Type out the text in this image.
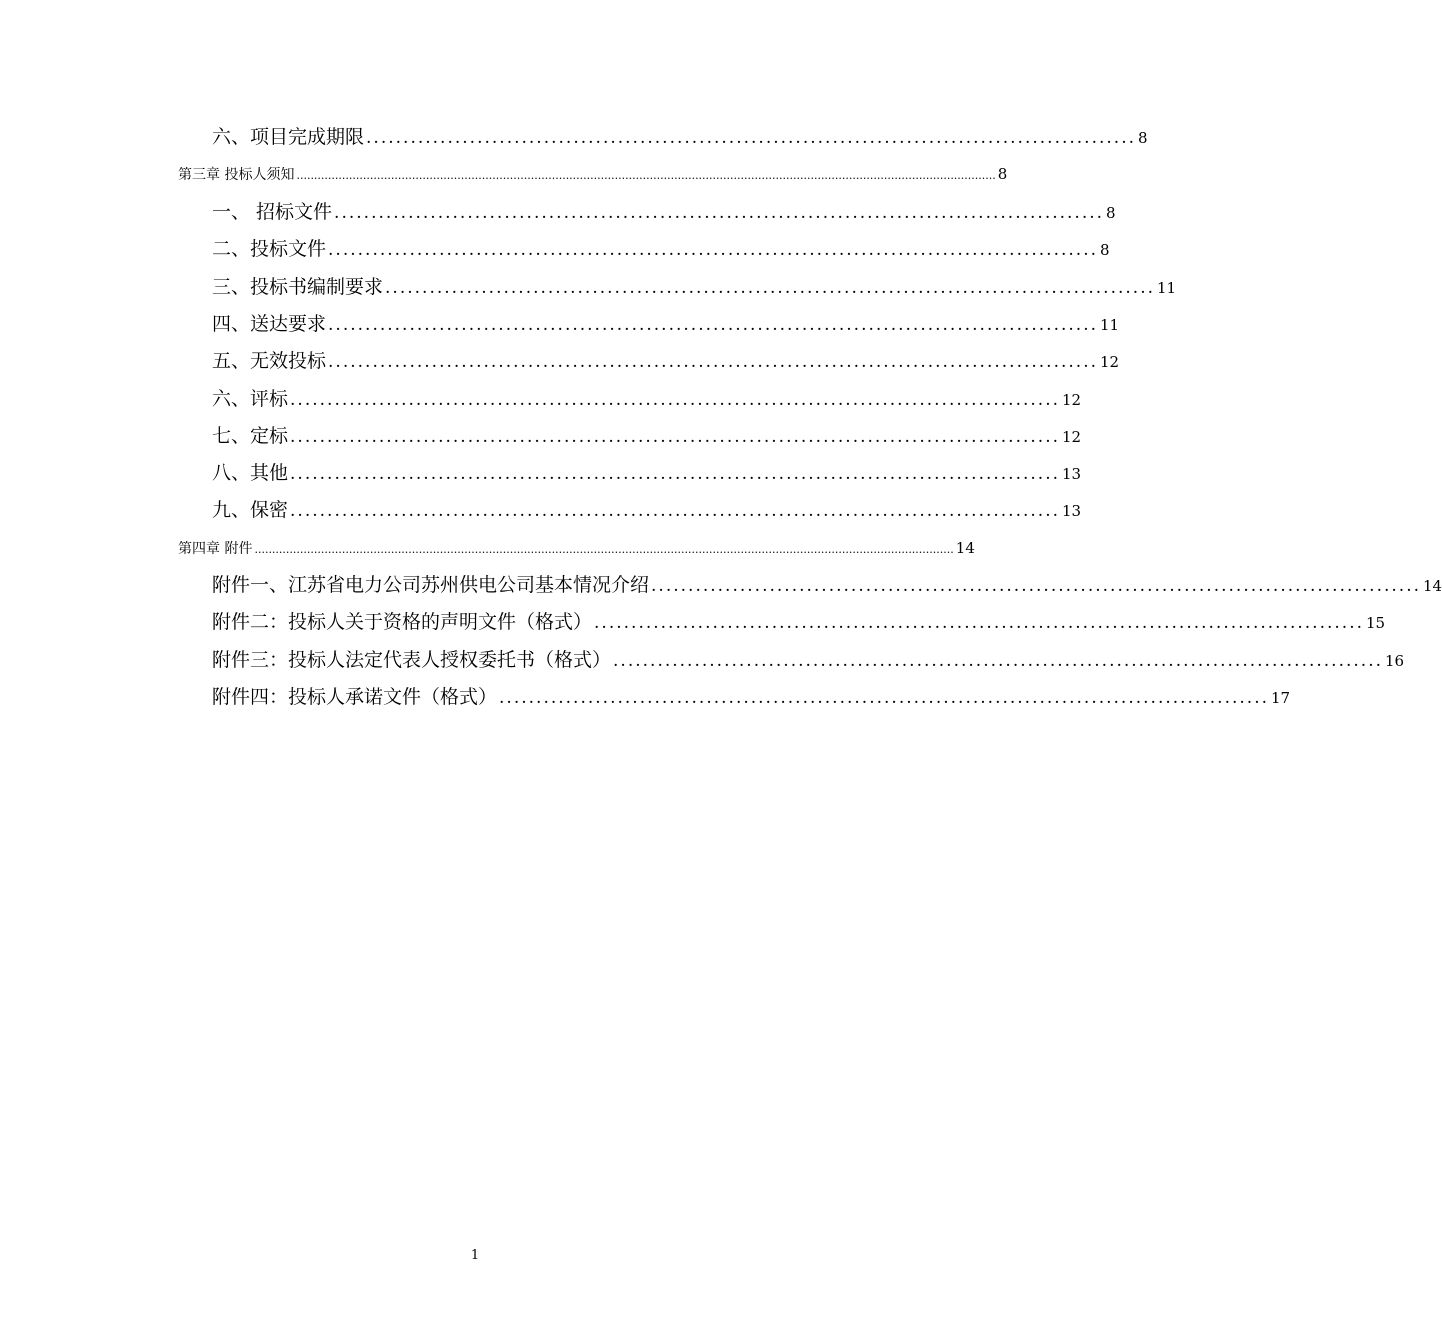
六、项目完成期限 ........................................................................................................ 8
第三章 投标人须知 ........................................................................................................................................................................................................ 8
一、 招标文件 ........................................................................................................ 8
二、投标文件 ........................................................................................................ 8
三、投标书编制要求 ........................................................................................................ 11
四、送达要求 ........................................................................................................ 11
五、无效投标 ........................................................................................................ 12
六、评标 ........................................................................................................ 12
七、定标 ........................................................................................................ 12
八、其他 ........................................................................................................ 13
九、保密 ........................................................................................................ 13
第四章 附件 ........................................................................................................................................................................................................ 14
附件一、江苏省电力公司苏州供电公司基本情况介绍 ........................................................................................................ 14
附件二：投标人关于资格的声明文件（格式） ........................................................................................................ 15
附件三：投标人法定代表人授权委托书（格式） ........................................................................................................ 16
附件四：投标人承诺文件（格式） ........................................................................................................ 17
1
